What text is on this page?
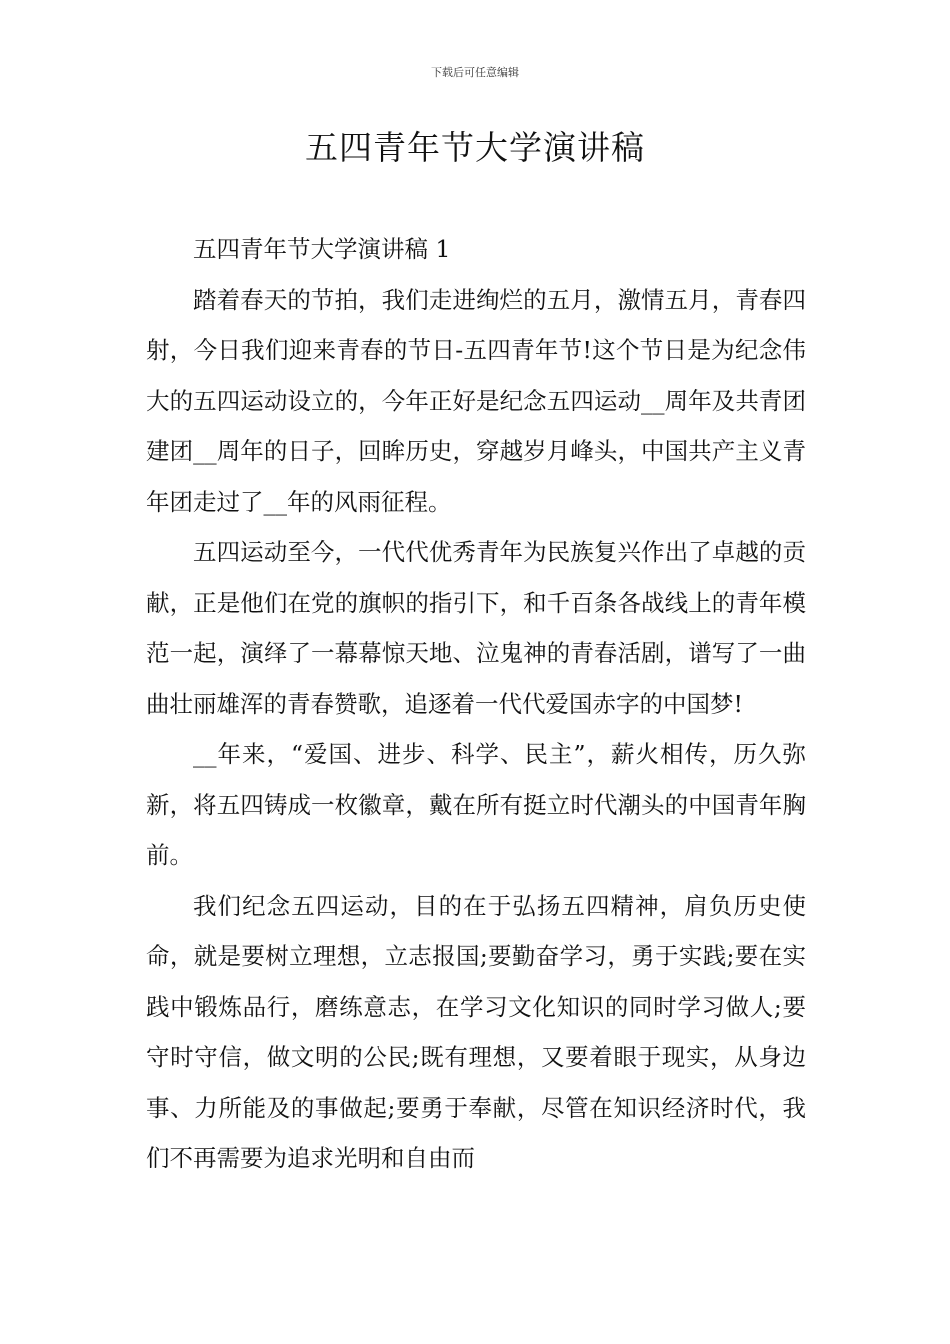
下载后可任意编辑
五四青年节大学演讲稿

五四青年节大学演讲稿 1

踏着春天的节拍，我们走进绚烂的五月，激情五月，青春四射，今日我们迎来青春的节日-五四青年节!这个节日是为纪念伟大的五四运动设立的，今年正好是纪念五四运动__周年及共青团建团__周年的日子，回眸历史，穿越岁月峰头，中国共产主义青年团走过了__年的风雨征程。

五四运动至今，一代代优秀青年为民族复兴作出了卓越的贡献，正是他们在党的旗帜的指引下，和千百条各战线上的青年模范一起，演绎了一幕幕惊天地、泣鬼神的青春活剧，谱写了一曲曲壮丽雄浑的青春赞歌，追逐着一代代爱国赤字的中国梦!

__年来，“爱国、进步、科学、民主”，薪火相传，历久弥新，将五四铸成一枚徽章，戴在所有挺立时代潮头的中国青年胸前。

我们纪念五四运动，目的在于弘扬五四精神，肩负历史使命，就是要树立理想，立志报国;要勤奋学习，勇于实践;要在实践中锻炼品行，磨练意志，在学习文化知识的同时学习做人;要守时守信，做文明的公民;既有理想，又要着眼于现实，从身边事、力所能及的事做起;要勇于奉献，尽管在知识经济时代，我们不再需要为追求光明和自由而
